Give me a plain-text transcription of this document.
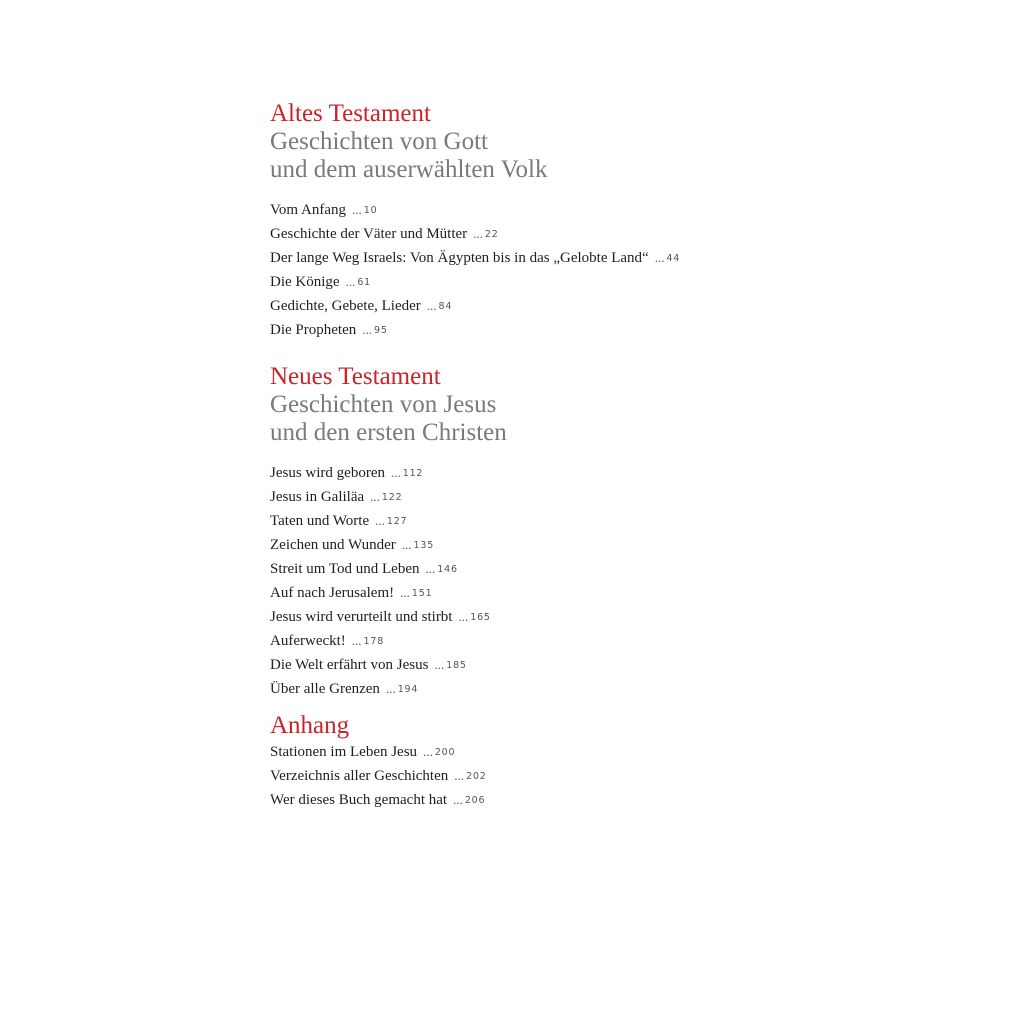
Altes Testament

Geschichten von Gott

und dem auserwählten Volk

Vom Anfang ... 10
Geschichte der Väter und Mütter ... 22
Der lange Weg Israels: Von Ägypten bis in das „Gelobte Land“ ... 44
Die Könige ... 61
Gedichte, Gebete, Lieder ... 84
Die Propheten ... 95
Neues Testament

Geschichten von Jesus

und den ersten Christen

Jesus wird geboren ... 112
Jesus in Galiläa ... 122
Taten und Worte ... 127
Zeichen und Wunder ... 135
Streit um Tod und Leben ... 146
Auf nach Jerusalem! ... 151
Jesus wird verurteilt und stirbt ... 165
Auferweckt! ... 178
Die Welt erfährt von Jesus ... 185
Über alle Grenzen ... 194
Anhang
Stationen im Leben Jesu ... 200
Verzeichnis aller Geschichten ... 202
Wer dieses Buch gemacht hat ... 206
